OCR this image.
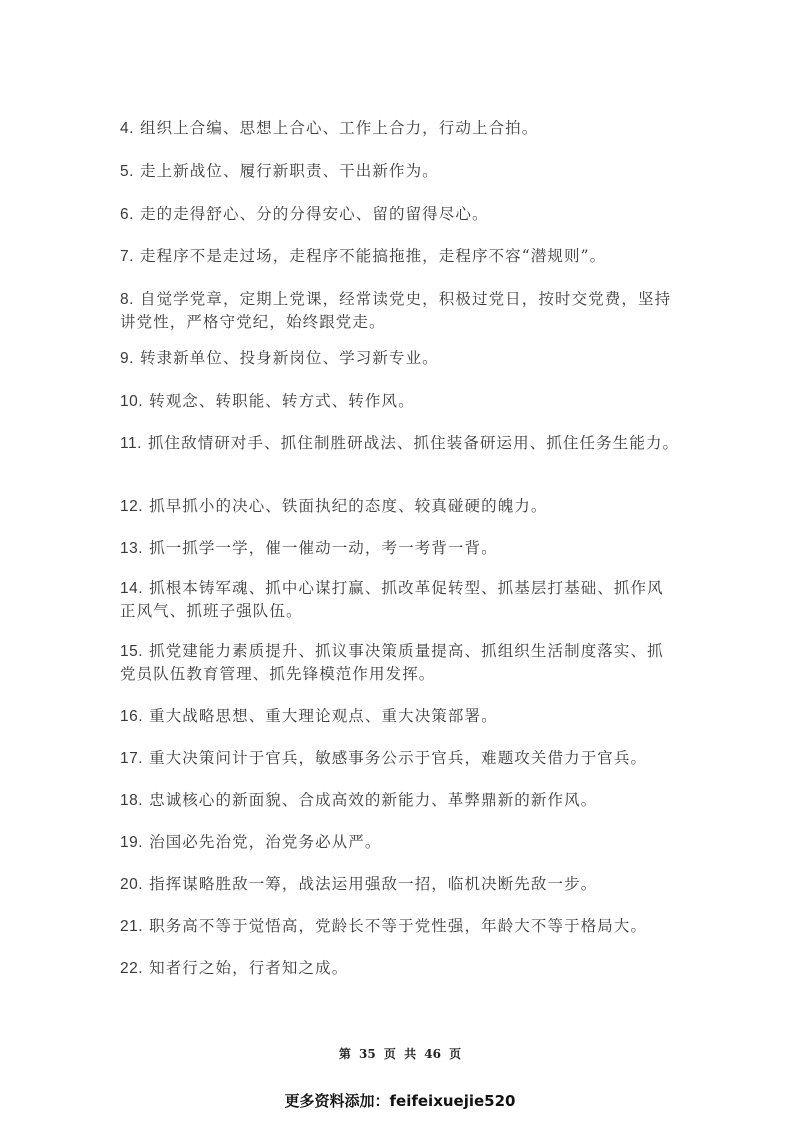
4. 组织上合编、思想上合心、工作上合力，行动上合拍。

5. 走上新战位、履行新职责、干出新作为。

6. 走的走得舒心、分的分得安心、留的留得尽心。

7. 走程序不是走过场，走程序不能搞拖推，走程序不容“潜规则”。

8. 自觉学党章，定期上党课，经常读党史，积极过党日，按时交党费，坚持讲党性，严格守党纪，始终跟党走。

9. 转隶新单位、投身新岗位、学习新专业。

10. 转观念、转职能、转方式、转作风。

11. 抓住敌情研对手、抓住制胜研战法、抓住装备研运用、抓住任务生能力。

12. 抓早抓小的决心、铁面执纪的态度、较真碰硬的魄力。

13. 抓一抓学一学，催一催动一动，考一考背一背。

14. 抓根本铸军魂、抓中心谋打赢、抓改革促转型、抓基层打基础、抓作风正风气、抓班子强队伍。

15. 抓党建能力素质提升、抓议事决策质量提高、抓组织生活制度落实、抓党员队伍教育管理、抓先锋模范作用发挥。

16. 重大战略思想、重大理论观点、重大决策部署。

17. 重大决策问计于官兵，敏感事务公示于官兵，难题攻关借力于官兵。

18. 忠诚核心的新面貌、合成高效的新能力、革弊鼎新的新作风。

19. 治国必先治党，治党务必从严。

20. 指挥谋略胜敌一筹，战法运用强敌一招，临机决断先敌一步。

21. 职务高不等于觉悟高，党龄长不等于党性强，年龄大不等于格局大。

22. 知者行之始，行者知之成。

第 35 页 共 46 页
更多资料添加：feifeixuejie520
